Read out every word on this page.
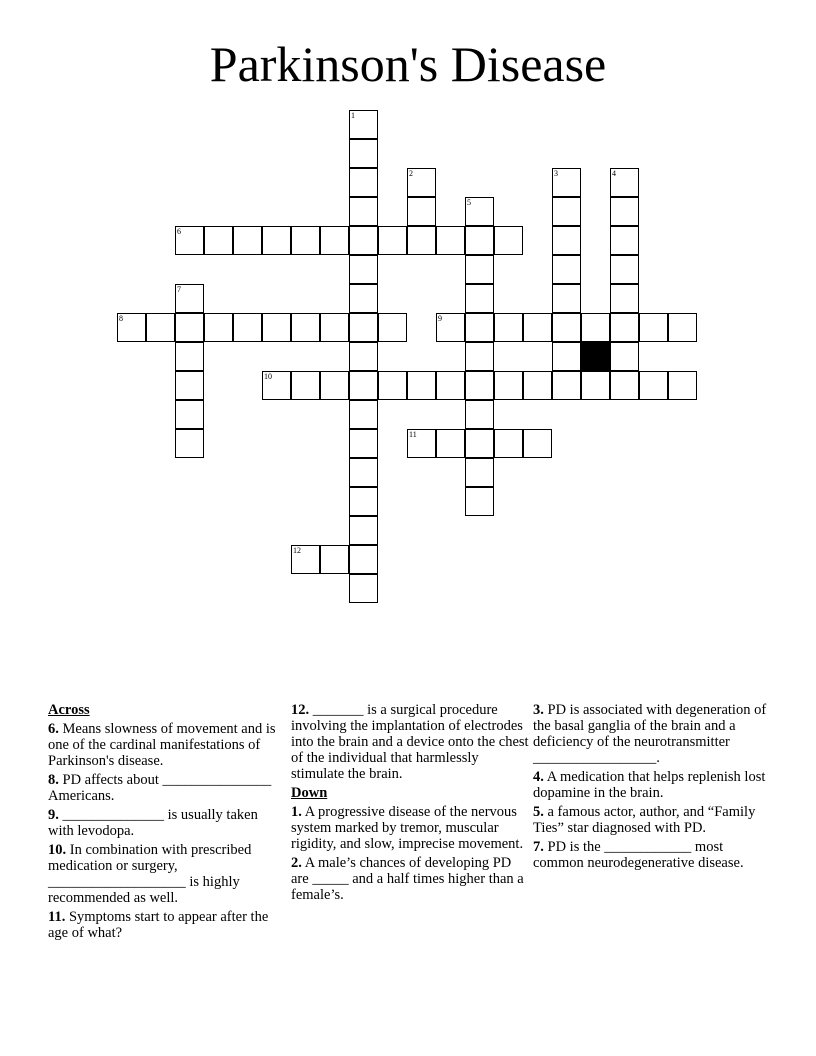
Parkinson's Disease
1
2	3	4
5
6
7
8	9
10
11
12
Across
6. Means slowness of movement and is one of the cardinal manifestations of Parkinson's disease.
8. PD affects about _______________ Americans.
9. ______________ is usually taken with levodopa.
10. In combination with prescribed medication or surgery, ___________________ is highly recommended as well.
11. Symptoms start to appear after the age of what?
12. _______ is a surgical procedure involving the implantation of electrodes into the brain and a device onto the chest of the individual that harmlessly stimulate the brain.
Down
1. A progressive disease of the nervous system marked by tremor, muscular rigidity, and slow, imprecise movement.
2. A male’s chances of developing PD are _____ and a half times higher than a female’s.
3. PD is associated with degeneration of the basal ganglia of the brain and a deficiency of the neurotransmitter _________________.
4. A medication that helps replenish lost dopamine in the brain.
5. a famous actor, author, and “Family Ties” star diagnosed with PD.
7. PD is the ____________ most common neurodegenerative disease.
